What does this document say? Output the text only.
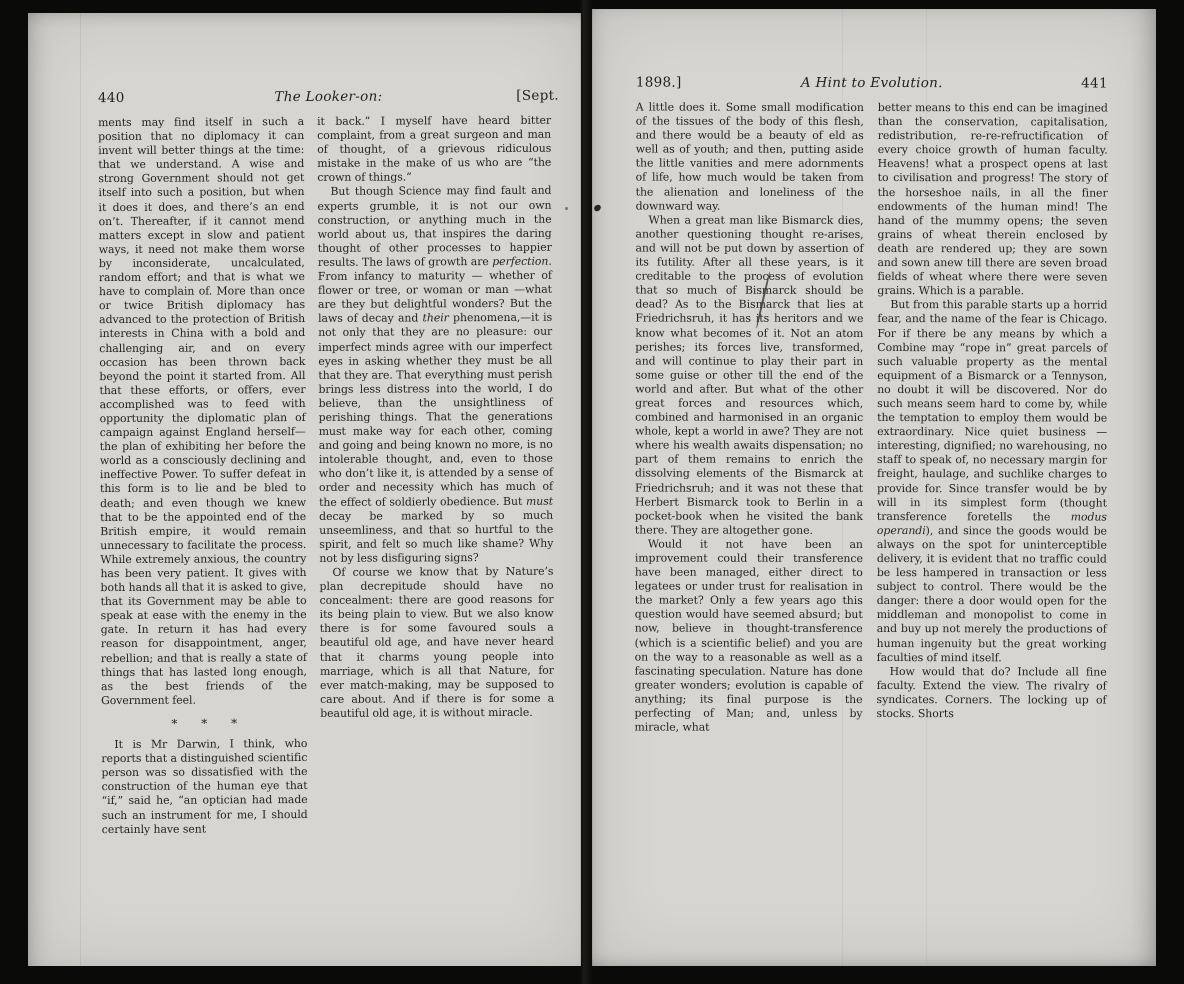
440	The Looker-on:	[Sept.

ments may find itself in such a position that no diplomacy it can invent will better things at the time: that we understand. A wise and strong Government should not get itself into such a position, but when it does it does, and there’s an end on’t. Thereafter, if it cannot mend matters except in slow and patient ways, it need not make them worse by inconsiderate, uncalculated, random effort; and that is what we have to complain of. More than once or twice British diplomacy has advanced to the protection of British interests in China with a bold and challenging air, and on every occasion has been thrown back beyond the point it started from. All that these efforts, or offers, ever accomplished was to feed with opportunity the diplomatic plan of campaign against England herself—the plan of exhibiting her before the world as a consciously declining and ineffective Power. To suffer defeat in this form is to lie and be bled to death; and even though we knew that to be the appointed end of the British empire, it would remain unnecessary to facilitate the process. While extremely anxious, the country has been very patient. It gives with both hands all that it is asked to give, that its Government may be able to speak at ease with the enemy in the gate. In return it has had every reason for disappointment, anger, rebellion; and that is really a state of things that has lasted long enough, as the best friends of the Government feel.

*  *  *

It is Mr Darwin, I think, who reports that a distinguished scientific person was so dissatisfied with the construction of the human eye that “if,” said he, “an optician had made such an instrument for me, I should certainly have sent

it back.” I myself have heard bitter complaint, from a great surgeon and man of thought, of a grievous ridiculous mistake in the make of us who are “the crown of things.”

But though Science may find fault and experts grumble, it is not our own construction, or anything much in the world about us, that inspires the daring thought of other processes to happier results. The laws of growth are perfection. From infancy to maturity — whether of flower or tree, or woman or man —what are they but delightful wonders? But the laws of decay and their phenomena,—it is not only that they are no pleasure: our imperfect minds agree with our imperfect eyes in asking whether they must be all that they are. That everything must perish brings less distress into the world, I do believe, than the unsightliness of perishing things. That the generations must make way for each other, coming and going and being known no more, is no intolerable thought, and, even to those who don’t like it, is attended by a sense of order and necessity which has much of the effect of soldierly obedience. But must decay be marked by so much unseemliness, and that so hurtful to the spirit, and felt so much like shame? Why not by less disfiguring signs?

Of course we know that by Nature’s plan decrepitude should have no concealment: there are good reasons for its being plain to view. But we also know there is for some favoured souls a beautiful old age, and have never heard that it charms young people into marriage, which is all that Nature, for ever match-making, may be supposed to care about. And if there is for some a beautiful old age, it is without miracle.

1898.]	A Hint to Evolution.	441

A little does it. Some small modification of the tissues of the body of this flesh, and there would be a beauty of eld as well as of youth; and then, putting aside the little vanities and mere adornments of life, how much would be taken from the alienation and loneliness of the downward way.

When a great man like Bismarck dies, another questioning thought re-arises, and will not be put down by assertion of its futility. After all these years, is it creditable to the process of evolution that so much of Bismarck should be dead? As to the Bismarck that lies at Friedrichsruh, it has its heritors and we know what becomes of it. Not an atom perishes; its forces live, transformed, and will continue to play their part in some guise or other till the end of the world and after. But what of the other great forces and resources which, combined and harmonised in an organic whole, kept a world in awe? They are not where his wealth awaits dispensation; no part of them remains to enrich the dissolving elements of the Bismarck at Friedrichsruh; and it was not these that Herbert Bismarck took to Berlin in a pocket-book when he visited the bank there. They are altogether gone.

Would it not have been an improvement could their transference have been managed, either direct to legatees or under trust for realisation in the market? Only a few years ago this question would have seemed absurd; but now, believe in thought-transference (which is a scientific belief) and you are on the way to a reasonable as well as a fascinating speculation. Nature has done greater wonders; evolution is capable of anything; its final purpose is the perfecting of Man; and, unless by miracle, what

better means to this end can be imagined than the conservation, capitalisation, redistribution, re-re-refructification of every choice growth of human faculty. Heavens! what a prospect opens at last to civilisation and progress! The story of the horseshoe nails, in all the finer endowments of the human mind! The hand of the mummy opens; the seven grains of wheat therein enclosed by death are rendered up; they are sown and sown anew till there are seven broad fields of wheat where there were seven grains. Which is a parable.

But from this parable starts up a horrid fear, and the name of the fear is Chicago. For if there be any means by which a Combine may “rope in” great parcels of such valuable property as the mental equipment of a Bismarck or a Tennyson, no doubt it will be discovered. Nor do such means seem hard to come by, while the temptation to employ them would be extraordinary. Nice quiet business — interesting, dignified; no warehousing, no staff to speak of, no necessary margin for freight, haulage, and suchlike charges to provide for. Since transfer would be by will in its simplest form (thought transference foretells the modus operandi), and since the goods would be always on the spot for uninterceptible delivery, it is evident that no traffic could be less hampered in transaction or less subject to control. There would be the danger: there a door would open for the middleman and monopolist to come in and buy up not merely the productions of human ingenuity but the great working faculties of mind itself.

How would that do? Include all fine faculty. Extend the view. The rivalry of syndicates. Corners. The locking up of stocks. Shorts
